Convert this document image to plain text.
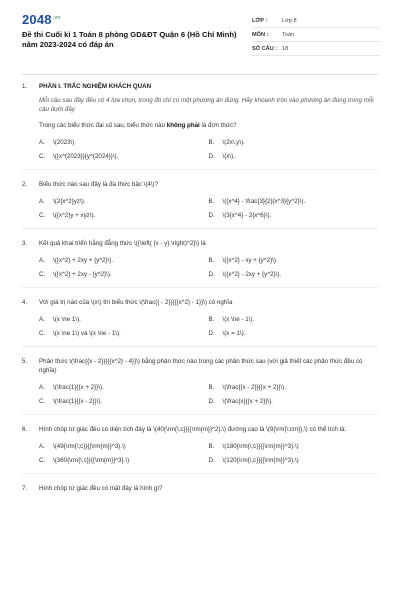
$2048^{.vn}$
Đề thi Cuối kì 1 Toán 8 phòng GD&ĐT Quận 6 (Hồ Chí Minh) năm 2023-2024 có đáp án
LỚP :	Lớp 8
MÔN :	Toán
SỐ CÂU : 18
1.	PHẦN I. TRẮC NGHIỆM KHÁCH QUAN
Mỗi câu sau đây đều có 4 lựa chọn, trong đó chỉ có một phương án đúng. Hãy khoanh tròn vào phương án đúng trong mỗi câu dưới đây.
Trong các biểu thức đại số sau, biểu thức nào không phải là đơn thức?
A.	\(2023\).	B.	\(2x\,y\).
C.	\({x^{2023}}{y^{2024}}\).	D.	\(x\)..
2.	Biểu thức nào sau đây là đa thức bậc \(4\)?
A.	\(2{x^2}yz\).	B.	\({x^4} - \frac{3}{2}{x^3}{y^2}\).
C.	\({x^2}y + xyz\).	D.	\(3{x^4} - 2{x^6}\).
3.	Kết quả khai triển hằng đẳng thức \({\left( {x - y} \right)^2}\) là
A.	\({x^2} + 2xy + {y^2}\).	B.	\({x^2} - xy + {y^2}\).
C.	\({x^2} + 2xy - {y^2}\).	D.	\({x^2} - 2xy + {y^2}\).
4.	Với giá trị nào của \(x\) thì biểu thức \(\frac{{ - 2}}{{{x^2} - 1}}\) có nghĩa
A.	\(x \ne 1\).	B.	\(x \ne - 1\).
C.	\(x \ne 1\) và \(x \ne - 1\).	D.	\(x = 1\).
5.	Phân thức \(\frac{{x - 2}}{{{x^2} - 4}}\) bằng phân thức nào trong các phân thức sau (với giả thiết các phân thức đều có nghĩa)
A.	\(\frac{1}{{x + 2}}\).	B.	\(\frac{{x - 2}}{{x + 2}}\).
C.	\(\frac{1}{{x - 2}}\).	D.	\(\frac{x}{{x + 2}}\).
6.	Hình chóp tứ giác đều có diện tích đáy là \(40{\rm{\;c}}{{\rm{m}}^2}.\) đường cao là \(9{\rm{\;cm}},\) có thể tích là:
A.	\(49{\rm{\;c}}{{\rm{m}}^3}.\)	B.	\(180{\rm{\;c}}{{\rm{m}}^3}.\)
C.	\(360{\rm{\;c}}{{\rm{m}}^3}.\)	D.	\(120{\rm{\;c}}{{\rm{m}}^3}.\)
7.	Hình chóp tứ giác đều có mặt đáy là hình gì?
